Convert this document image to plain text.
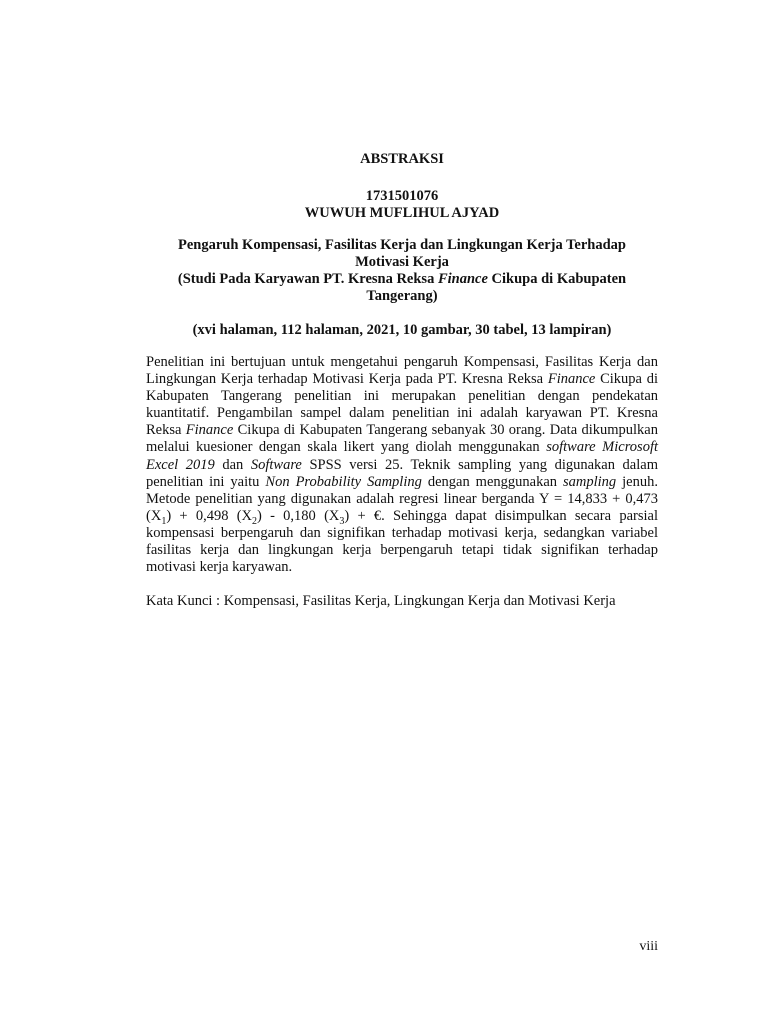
ABSTRAKSI
1731501076
WUWUH MUFLIHUL AJYAD
Pengaruh Kompensasi, Fasilitas Kerja dan Lingkungan Kerja Terhadap
Motivasi Kerja
(Studi Pada Karyawan PT. Kresna Reksa Finance Cikupa di Kabupaten
Tangerang)
(xvi halaman, 112 halaman, 2021, 10 gambar, 30 tabel, 13 lampiran)
Penelitian ini bertujuan untuk mengetahui pengaruh Kompensasi, Fasilitas Kerja dan Lingkungan Kerja terhadap Motivasi Kerja pada PT. Kresna Reksa Finance Cikupa di Kabupaten Tangerang penelitian ini merupakan penelitian dengan pendekatan kuantitatif. Pengambilan sampel dalam penelitian ini adalah karyawan PT. Kresna Reksa Finance Cikupa di Kabupaten Tangerang sebanyak 30 orang. Data dikumpulkan melalui kuesioner dengan skala likert yang diolah menggunakan software Microsoft Excel 2019 dan Software SPSS versi 25. Teknik sampling yang digunakan dalam penelitian ini yaitu Non Probability Sampling dengan menggunakan sampling jenuh. Metode penelitian yang digunakan adalah regresi linear berganda Y = 14,833 + 0,473 $(X_1) + 0,498$ $(X_2) - 0,180$ $(X_3)$ + €. Sehingga dapat disimpulkan secara parsial kompensasi berpengaruh dan signifikan terhadap motivasi kerja, sedangkan variabel fasilitas kerja dan lingkungan kerja berpengaruh tetapi tidak signifikan terhadap motivasi kerja karyawan.
Kata Kunci : Kompensasi, Fasilitas Kerja, Lingkungan Kerja dan Motivasi Kerja
viii
